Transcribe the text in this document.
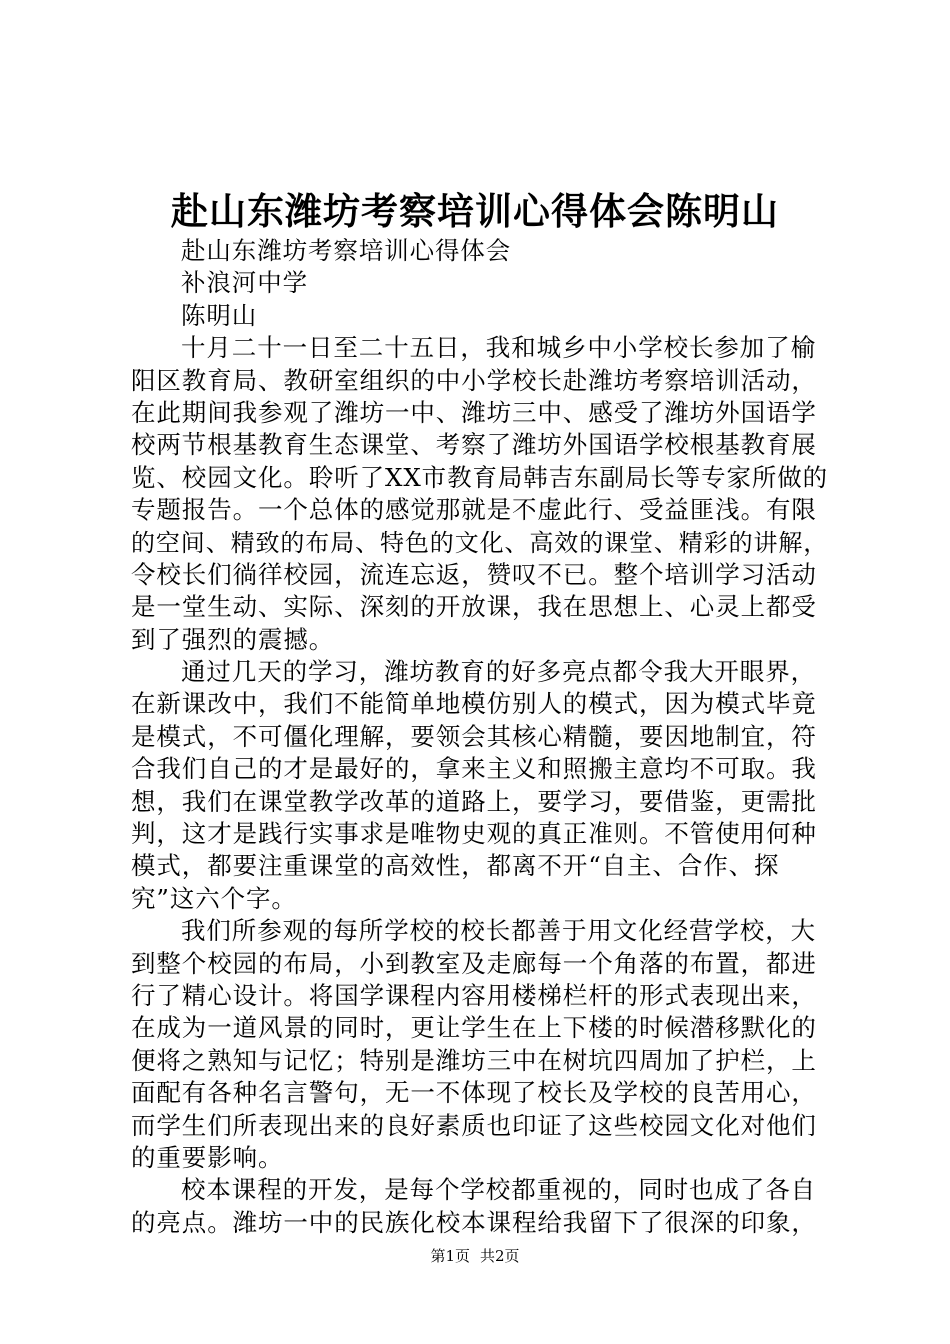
赴山东潍坊考察培训心得体会陈明山
赴山东潍坊考察培训心得体会
补浪河中学
陈明山
十月二十一日至二十五日，我和城乡中小学校长参加了榆
阳区教育局、教研室组织的中小学校长赴潍坊考察培训活动，
在此期间我参观了潍坊一中、潍坊三中、感受了潍坊外国语学
校两节根基教育生态课堂、考察了潍坊外国语学校根基教育展
览、校园文化。聆听了XX市教育局韩吉东副局长等专家所做的
专题报告。一个总体的感觉那就是不虚此行、受益匪浅。有限
的空间、精致的布局、特色的文化、高效的课堂、精彩的讲解，
令校长们徜徉校园，流连忘返，赞叹不已。整个培训学习活动
是一堂生动、实际、深刻的开放课，我在思想上、心灵上都受
到了强烈的震撼。
通过几天的学习，潍坊教育的好多亮点都令我大开眼界，
在新课改中，我们不能简单地模仿别人的模式，因为模式毕竟
是模式，不可僵化理解，要领会其核心精髓，要因地制宜，符
合我们自己的才是最好的，拿来主义和照搬主意均不可取。我
想，我们在课堂教学改革的道路上，要学习，要借鉴，更需批
判，这才是践行实事求是唯物史观的真正准则。不管使用何种
模式，都要注重课堂的高效性，都离不开“自主、合作、探
究”这六个字。
我们所参观的每所学校的校长都善于用文化经营学校，大
到整个校园的布局，小到教室及走廊每一个角落的布置，都进
行了精心设计。将国学课程内容用楼梯栏杆的形式表现出来，
在成为一道风景的同时，更让学生在上下楼的时候潜移默化的
便将之熟知与记忆；特别是潍坊三中在树坑四周加了护栏，上
面配有各种名言警句，无一不体现了校长及学校的良苦用心，
而学生们所表现出来的良好素质也印证了这些校园文化对他们
的重要影响。
校本课程的开发，是每个学校都重视的，同时也成了各自
的亮点。潍坊一中的民族化校本课程给我留下了很深的印象，
第1页 共2页
